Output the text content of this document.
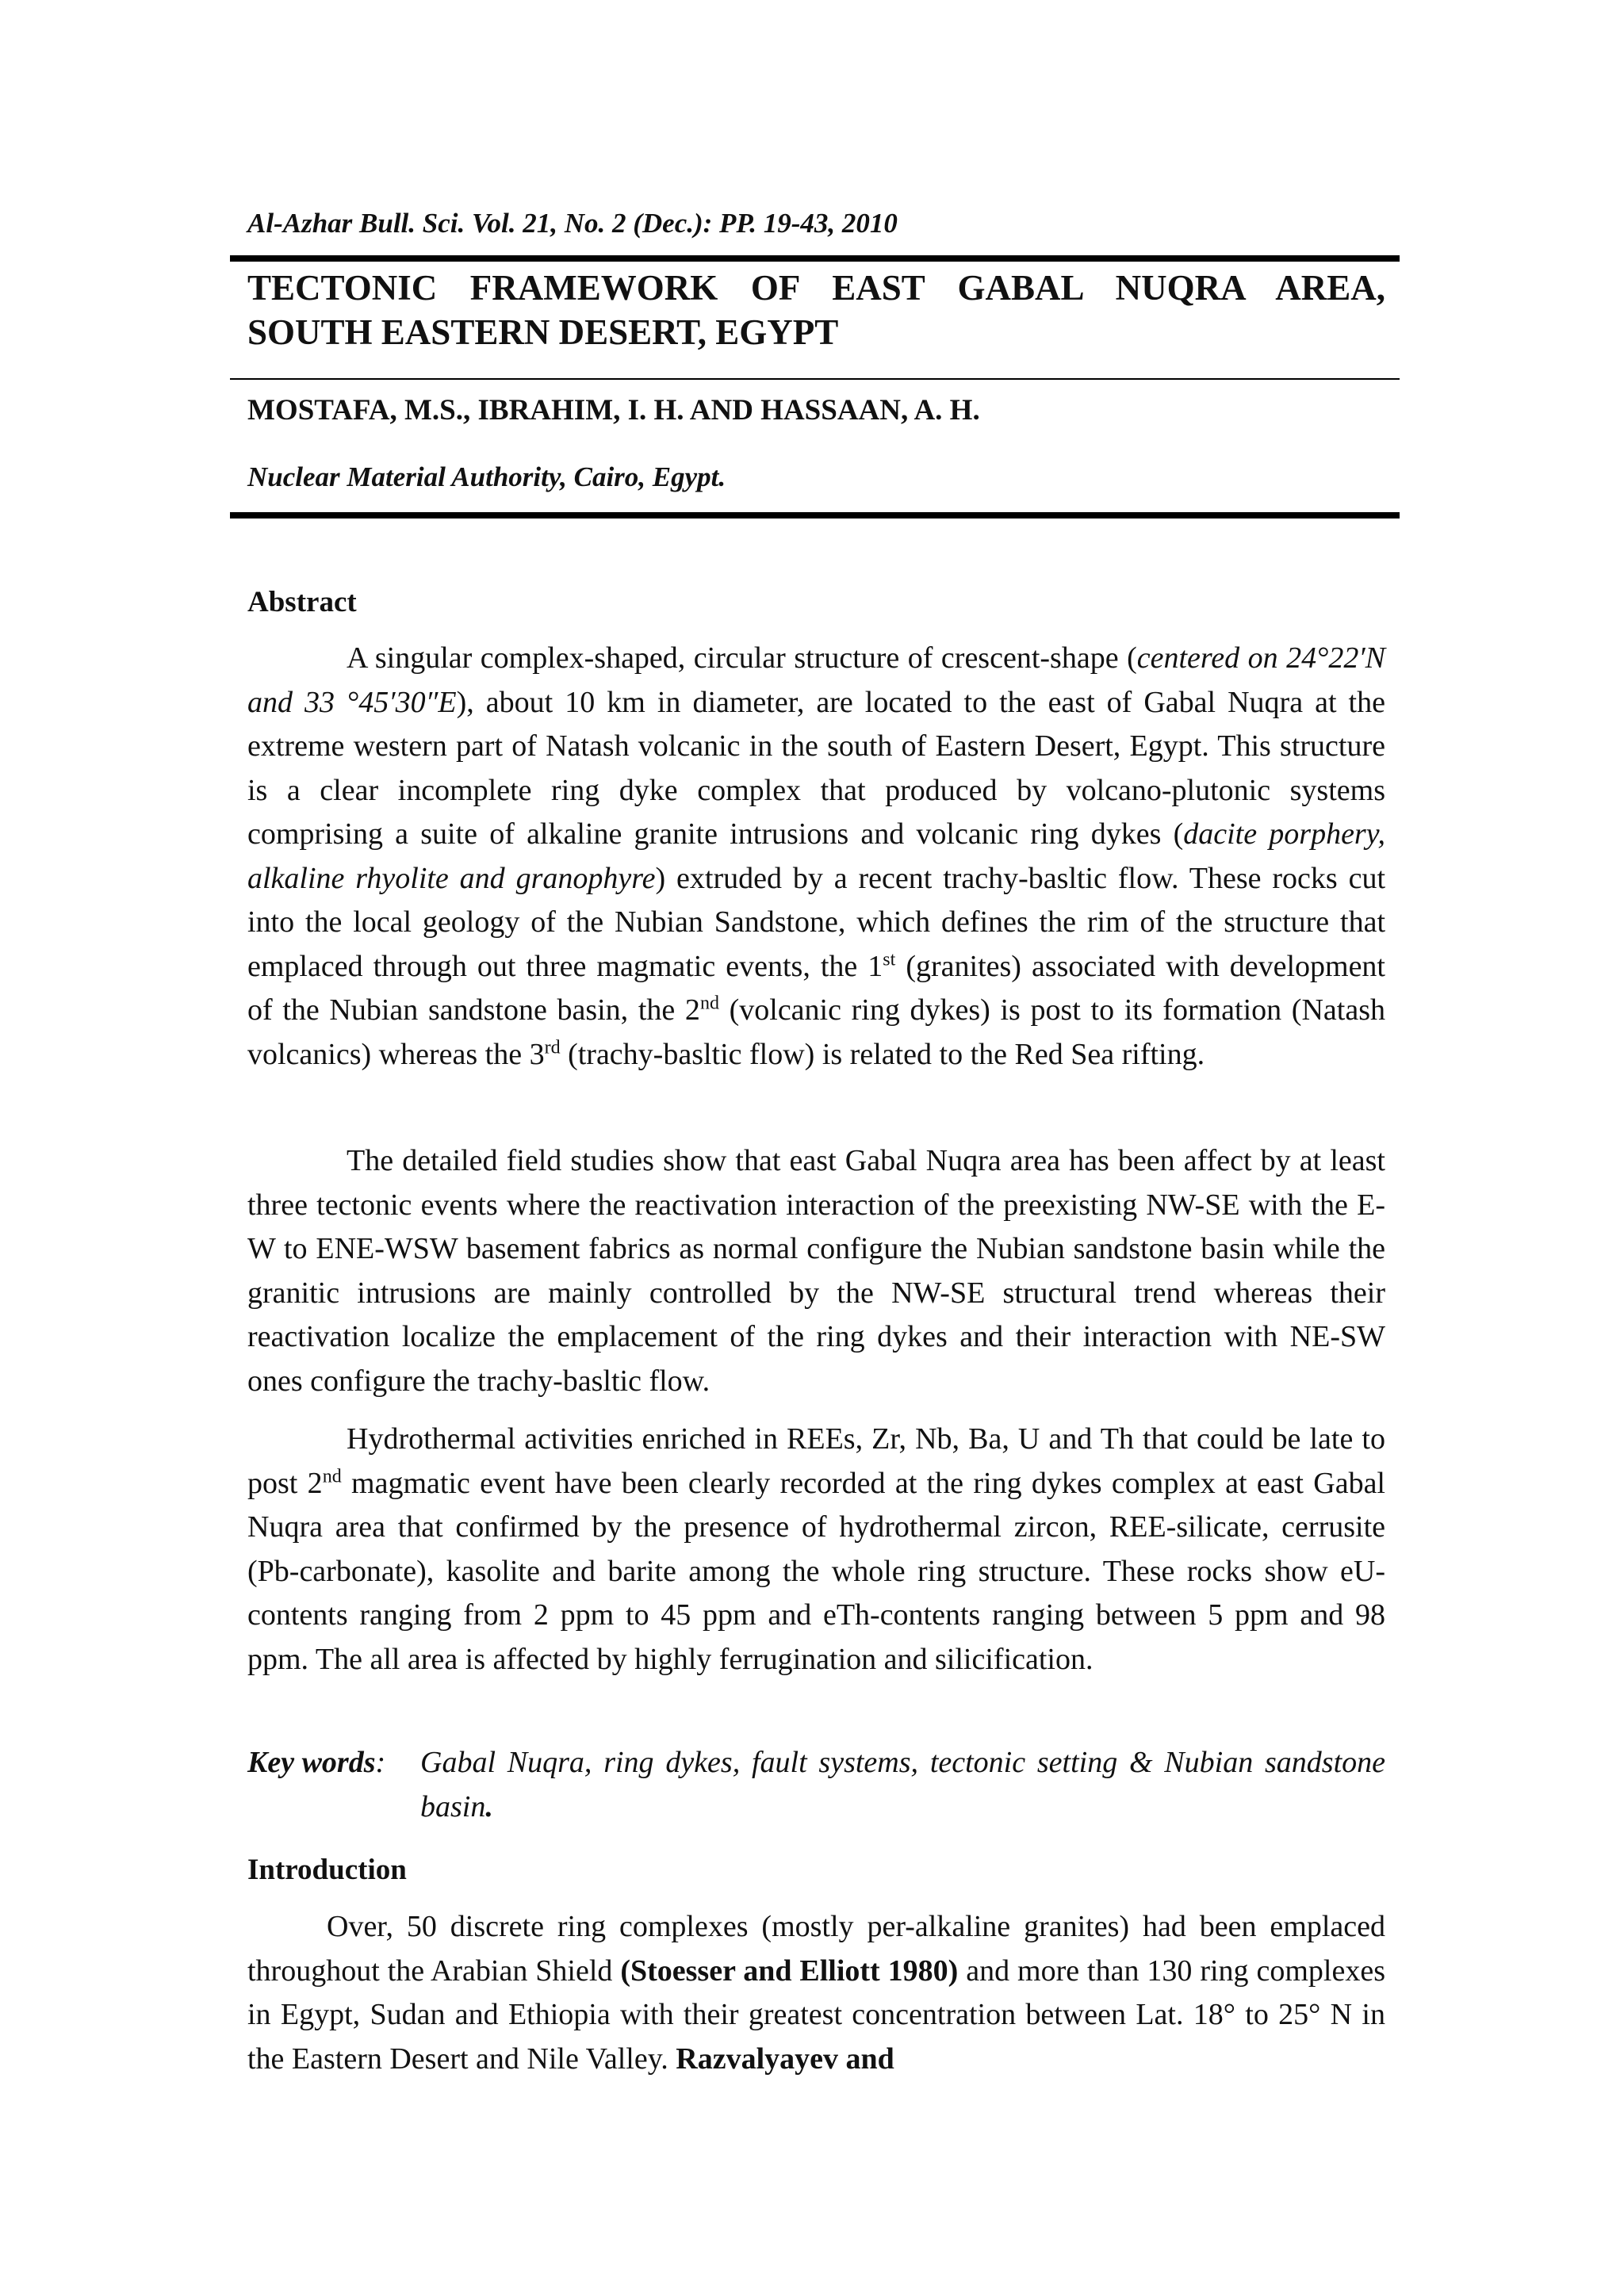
Al-Azhar Bull. Sci. Vol. 21, No. 2 (Dec.): PP. 19-43, 2010
TECTONIC FRAMEWORK OF EAST GABAL NUQRA AREA,
SOUTH EASTERN DESERT, EGYPT
MOSTAFA, M.S., IBRAHIM, I. H. AND HASSAAN, A. H.
Nuclear Material Authority, Cairo, Egypt.
Abstract

A singular complex-shaped, circular structure of crescent-shape (centered on 24°22′N and 33 °45′30″E), about 10 km in diameter, are located to the east of Gabal Nuqra at the extreme western part of Natash volcanic in the south of Eastern Desert, Egypt. This structure is a clear incomplete ring dyke complex that produced by volcano-plutonic systems comprising a suite of alkaline granite intrusions and volcanic ring dykes (dacite porphery, alkaline rhyolite and granophyre) extruded by a recent trachy-basltic flow. These rocks cut into the local geology of the Nubian Sandstone, which defines the rim of the structure that emplaced through out three magmatic events, the 1st (granites) associated with development of the Nubian sandstone basin, the 2nd (volcanic ring dykes) is post to its formation (Natash volcanics) whereas the 3rd (trachy-basltic flow) is related to the Red Sea rifting.

The detailed field studies show that east Gabal Nuqra area has been affect by at least three tectonic events where the reactivation interaction of the preexisting NW-SE with the E-W to ENE-WSW basement fabrics as normal configure the Nubian sandstone basin while the granitic intrusions are mainly controlled by the NW-SE structural trend whereas their reactivation localize the emplacement of the ring dykes and their interaction with NE-SW ones configure the trachy-basltic flow.

Hydrothermal activities enriched in REEs, Zr, Nb, Ba, U and Th that could be late to post 2nd magmatic event have been clearly recorded at the ring dykes complex at east Gabal Nuqra area that confirmed by the presence of hydrothermal zircon, REE-silicate, cerrusite (Pb-carbonate), kasolite and barite among the whole ring structure. These rocks show eU-contents ranging from 2 ppm to 45 ppm and eTh-contents ranging between 5 ppm and 98 ppm. The all area is affected by highly ferrugination and silicification.

Key words:	Gabal Nuqra, ring dykes, fault systems, tectonic setting & Nubian sandstone basin.
Introduction

Over, 50 discrete ring complexes (mostly per-alkaline granites) had been emplaced throughout the Arabian Shield (Stoesser and Elliott 1980) and more than 130 ring complexes in Egypt, Sudan and Ethiopia with their greatest concentration between Lat. 18° to 25° N in the Eastern Desert and Nile Valley. Razvalyayev and
